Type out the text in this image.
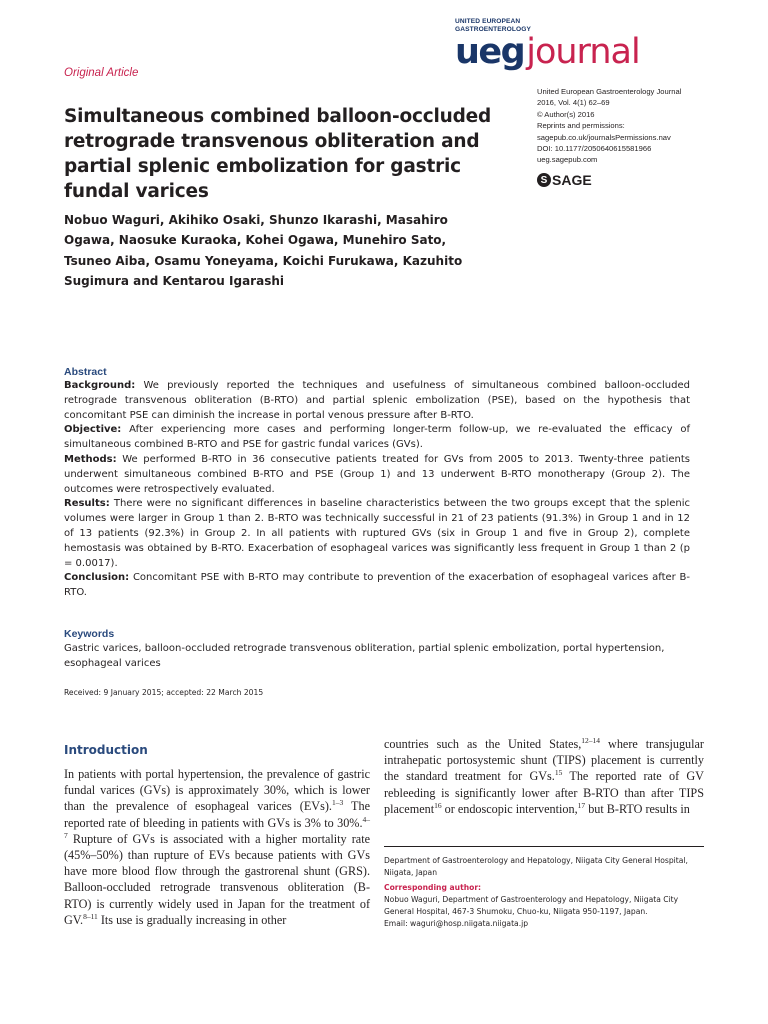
Original Article
UNITED EUROPEAN
GASTROENTEROLOGY
uegjournal
United European Gastroenterology Journal
2016, Vol. 4(1) 62–69
© Author(s) 2016
Reprints and permissions:
sagepub.co.uk/journalsPermissions.nav
DOI: 10.1177/2050640615581966
ueg.sagepub.com
S SAGE
Simultaneous combined balloon-occluded retrograde transvenous obliteration and partial splenic embolization for gastric fundal varices
Nobuo Waguri, Akihiko Osaki, Shunzo Ikarashi, Masahiro Ogawa, Naosuke Kuraoka, Kohei Ogawa, Munehiro Sato, Tsuneo Aiba, Osamu Yoneyama, Koichi Furukawa, Kazuhito Sugimura and Kentarou Igarashi
Abstract

Background: We previously reported the techniques and usefulness of simultaneous combined balloon-occluded retrograde transvenous obliteration (B-RTO) and partial splenic embolization (PSE), based on the hypothesis that concomitant PSE can diminish the increase in portal venous pressure after B-RTO.

Objective: After experiencing more cases and performing longer-term follow-up, we re-evaluated the efficacy of simultaneous combined B-RTO and PSE for gastric fundal varices (GVs).

Methods: We performed B-RTO in 36 consecutive patients treated for GVs from 2005 to 2013. Twenty-three patients underwent simultaneous combined B-RTO and PSE (Group 1) and 13 underwent B-RTO monotherapy (Group 2). The outcomes were retrospectively evaluated.

Results: There were no significant differences in baseline characteristics between the two groups except that the splenic volumes were larger in Group 1 than 2. B-RTO was technically successful in 21 of 23 patients (91.3%) in Group 1 and in 12 of 13 patients (92.3%) in Group 2. In all patients with ruptured GVs (six in Group 1 and five in Group 2), complete hemostasis was obtained by B-RTO. Exacerbation of esophageal varices was significantly less frequent in Group 1 than 2 (p = 0.0017).

Conclusion: Concomitant PSE with B-RTO may contribute to prevention of the exacerbation of esophageal varices after B-RTO.

Keywords
Gastric varices, balloon-occluded retrograde transvenous obliteration, partial splenic embolization, portal hypertension, esophageal varices
Received: 9 January 2015; accepted: 22 March 2015
Introduction
In patients with portal hypertension, the prevalence of gastric fundal varices (GVs) is approximately 30%, which is lower than the prevalence of esophageal varices (EVs).$^{1-3}$ The reported rate of bleeding in patients with GVs is 3% to 30%.$^{4-7}$ Rupture of GVs is associated with a higher mortality rate (45%–50%) than rupture of EVs because patients with GVs have more blood flow through the gastrorenal shunt (GRS). Balloon-occluded retrograde transvenous obliteration (B-RTO) is currently widely used in Japan for the treatment of GV.$^{8-11}$ Its use is gradually increasing in other
countries such as the United States,$^{12-14}$ where transjugular intrahepatic portosystemic shunt (TIPS) placement is currently the standard treatment for GVs.$^{15}$ The reported rate of GV rebleeding is significantly lower after B-RTO than after TIPS placement$^{16}$ or endoscopic intervention,$^{17}$ but B-RTO results in

Department of Gastroenterology and Hepatology, Niigata City General Hospital, Niigata, Japan

Corresponding author:

Nobuo Waguri, Department of Gastroenterology and Hepatology, Niigata City General Hospital, 467-3 Shumoku, Chuo-ku, Niigata 950-1197, Japan.

Email: waguri@hosp.niigata.niigata.jp
